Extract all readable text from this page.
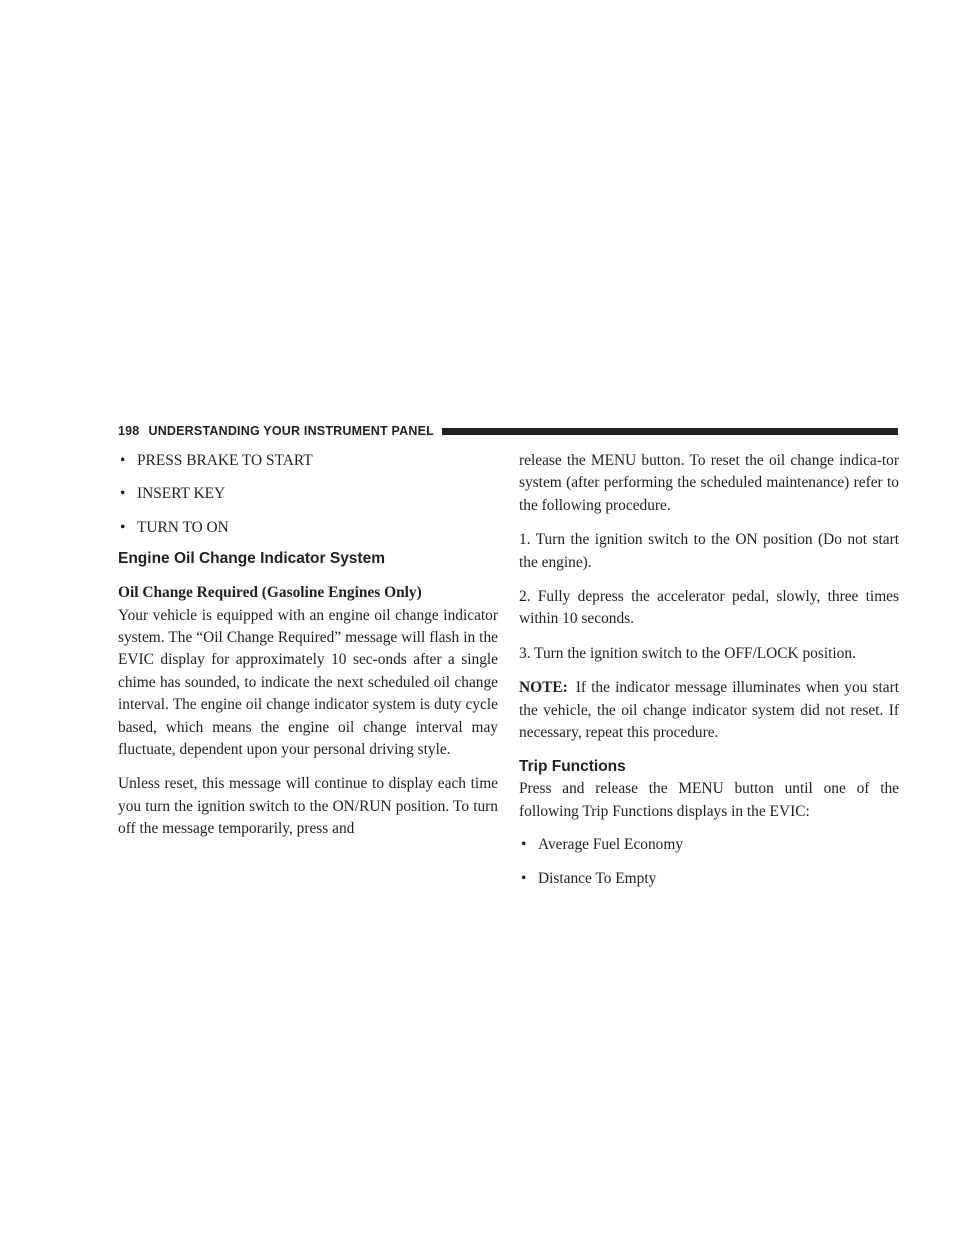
198 UNDERSTANDING YOUR INSTRUMENT PANEL
• PRESS BRAKE TO START
• INSERT KEY
• TURN TO ON
Engine Oil Change Indicator System
Oil Change Required (Gasoline Engines Only)

Your vehicle is equipped with an engine oil change indicator system. The “Oil Change Required” message will flash in the EVIC display for approximately 10 sec-onds after a single chime has sounded, to indicate the next scheduled oil change interval. The engine oil change indicator system is duty cycle based, which means the engine oil change interval may fluctuate, dependent upon your personal driving style.

Unless reset, this message will continue to display each time you turn the ignition switch to the ON/RUN position. To turn off the message temporarily, press and

release the MENU button. To reset the oil change indica-tor system (after performing the scheduled maintenance) refer to the following procedure.

1. Turn the ignition switch to the ON position (Do not start the engine).

2. Fully depress the accelerator pedal, slowly, three times within 10 seconds.

3. Turn the ignition switch to the OFF/LOCK position.

NOTE: If the indicator message illuminates when you start the vehicle, the oil change indicator system did not reset. If necessary, repeat this procedure.

Trip Functions

Press and release the MENU button until one of the following Trip Functions displays in the EVIC:

• Average Fuel Economy
• Distance To Empty
